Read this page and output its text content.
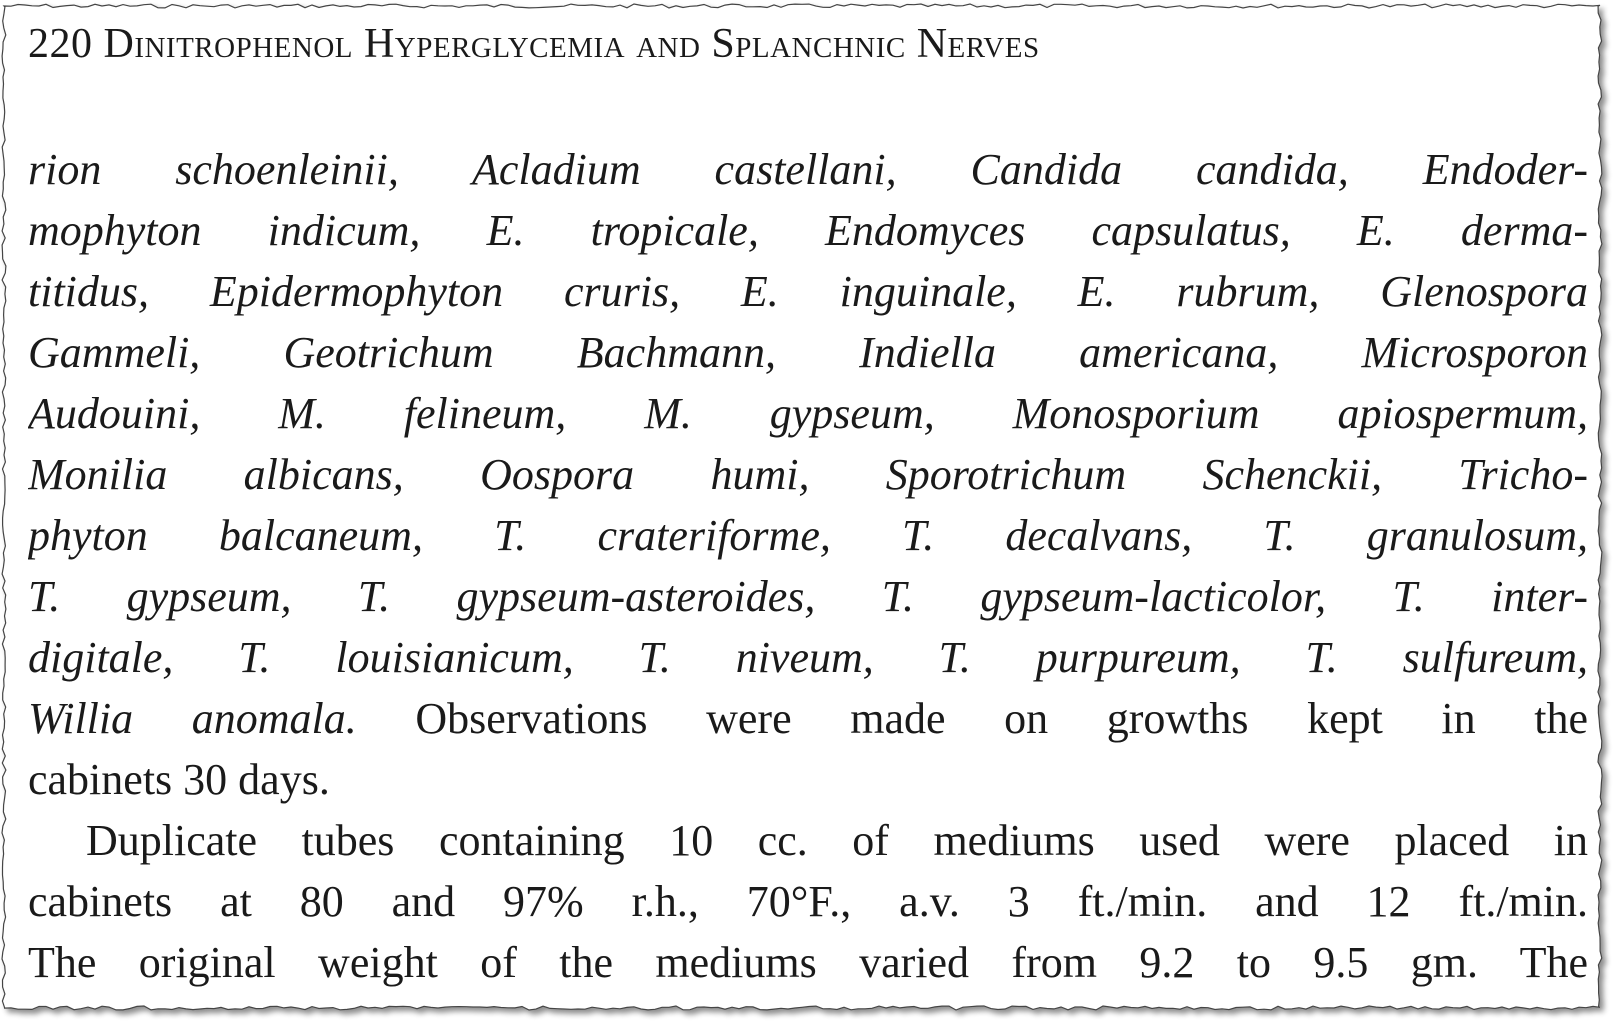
220 Dinitrophenol Hyperglycemia and Splanchnic Nerves
rion schoenleinii, Acladium castellani, Candida candida, Endoder-
mophyton indicum, E. tropicale, Endomyces capsulatus, E. derma-
titidus, Epidermophyton cruris, E. inguinale, E. rubrum, Glenospora
Gammeli, Geotrichum Bachmann, Indiella americana, Microsporon
Audouini, M. felineum, M. gypseum, Monosporium apiospermum,
Monilia albicans, Oospora humi, Sporotrichum Schenckii, Tricho-
phyton balcaneum, T. crateriforme, T. decalvans, T. granulosum,
T. gypseum, T. gypseum-asteroides, T. gypseum-lacticolor, T. inter-
digitale, T. louisianicum, T. niveum, T. purpureum, T. sulfureum,
Willia anomala. Observations were made on growths kept in the
cabinets 30 days.
Duplicate tubes containing 10 cc. of mediums used were placed in
cabinets at 80 and 97% r.h., 70°F., a.v. 3 ft./min. and 12 ft./min.
The original weight of the mediums varied from 9.2 to 9.5 gm. The
